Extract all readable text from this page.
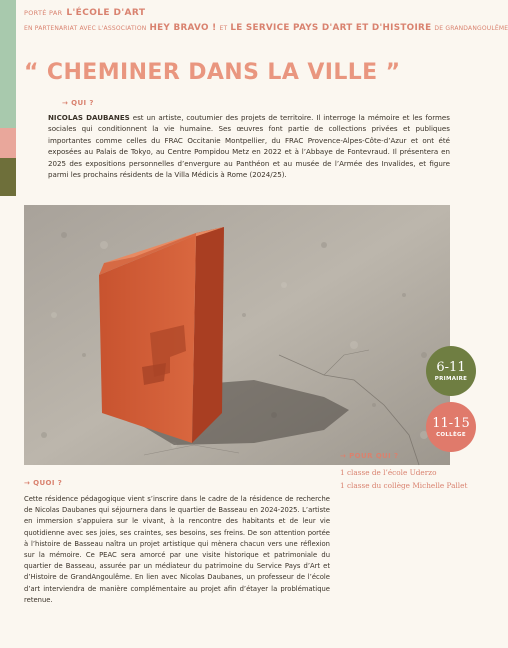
PORTÉ PAR L'ÉCOLE D'ART
EN PARTENARIAT AVEC L'ASSOCIATION HEY BRAVO ! ET LE SERVICE PAYS D'ART ET D'HISTOIRE DE GRANDANGOULÊME
“ CHEMINER DANS LA VILLE ”
→ QUI ?

NICOLAS DAUBANES est un artiste, coutumier des projets de territoire. Il interroge la mémoire et les formes sociales qui conditionnent la vie humaine. Ses œuvres font partie de collections privées et publiques importantes comme celles du FRAC Occitanie Montpellier, du FRAC Provence-Alpes-Côte-d’Azur et ont été exposées au Palais de Tokyo, au Centre Pompidou Metz en 2022 et à l’Abbaye de Fontevraud. Il présentera en 2025 des expositions personnelles d’envergure au Panthéon et au musée de l’Armée des Invalides, et figure parmi les prochains résidents de la Villa Médicis à Rome (2024/25).

6-11
PRIMAIRE
11-15
COLLÈGE
→ QUOI ?

Cette résidence pédagogique vient s’inscrire dans le cadre de la résidence de recherche de Nicolas Daubanes qui séjournera dans le quartier de Basseau en 2024-2025. L’artiste en immersion s’appuiera sur le vivant, à la rencontre des habitants et de leur vie quotidienne avec ses joies, ses craintes, ses besoins, ses freins. De son attention portée à l’histoire de Basseau naîtra un projet artistique qui mènera chacun vers une réflexion sur la mémoire. Ce PEAC sera amorcé par une visite historique et patrimoniale du quartier de Basseau, assurée par un médiateur du patrimoine du Service Pays d’Art et d’Histoire de GrandAngoulême. En lien avec Nicolas Daubanes, un professeur de l’école d’art interviendra de manière complémentaire au projet afin d’étayer la problématique retenue.

→ POUR QUI ?
1 classe de l’école Uderzo
1 classe du collège Michelle Pallet
